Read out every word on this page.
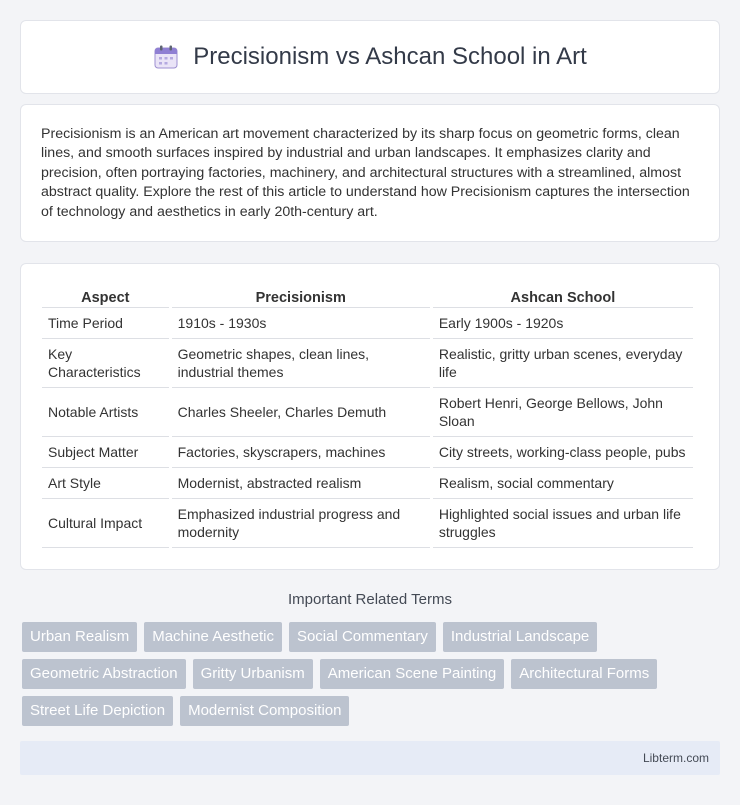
Precisionism vs Ashcan School in Art

Precisionism is an American art movement characterized by its sharp focus on geometric forms, clean lines, and smooth surfaces inspired by industrial and urban landscapes. It emphasizes clarity and precision, often portraying factories, machinery, and architectural structures with a streamlined, almost abstract quality. Explore the rest of this article to understand how Precisionism captures the intersection of technology and aesthetics in early 20th-century art.

Aspect	Precisionism	Ashcan School
Time Period	1910s - 1930s	Early 1900s - 1920s
Key Characteristics	Geometric shapes, clean lines, industrial themes	Realistic, gritty urban scenes, everyday life
Notable Artists	Charles Sheeler, Charles Demuth	Robert Henri, George Bellows, John Sloan
Subject Matter	Factories, skyscrapers, machines	City streets, working-class people, pubs
Art Style	Modernist, abstracted realism	Realism, social commentary
Cultural Impact	Emphasized industrial progress and modernity	Highlighted social issues and urban life struggles
Important Related Terms
Urban Realism	Machine Aesthetic	Social Commentary	Industrial Landscape
Geometric Abstraction	Gritty Urbanism	American Scene Painting	Architectural Forms
Street Life Depiction	Modernist Composition
Libterm.com
